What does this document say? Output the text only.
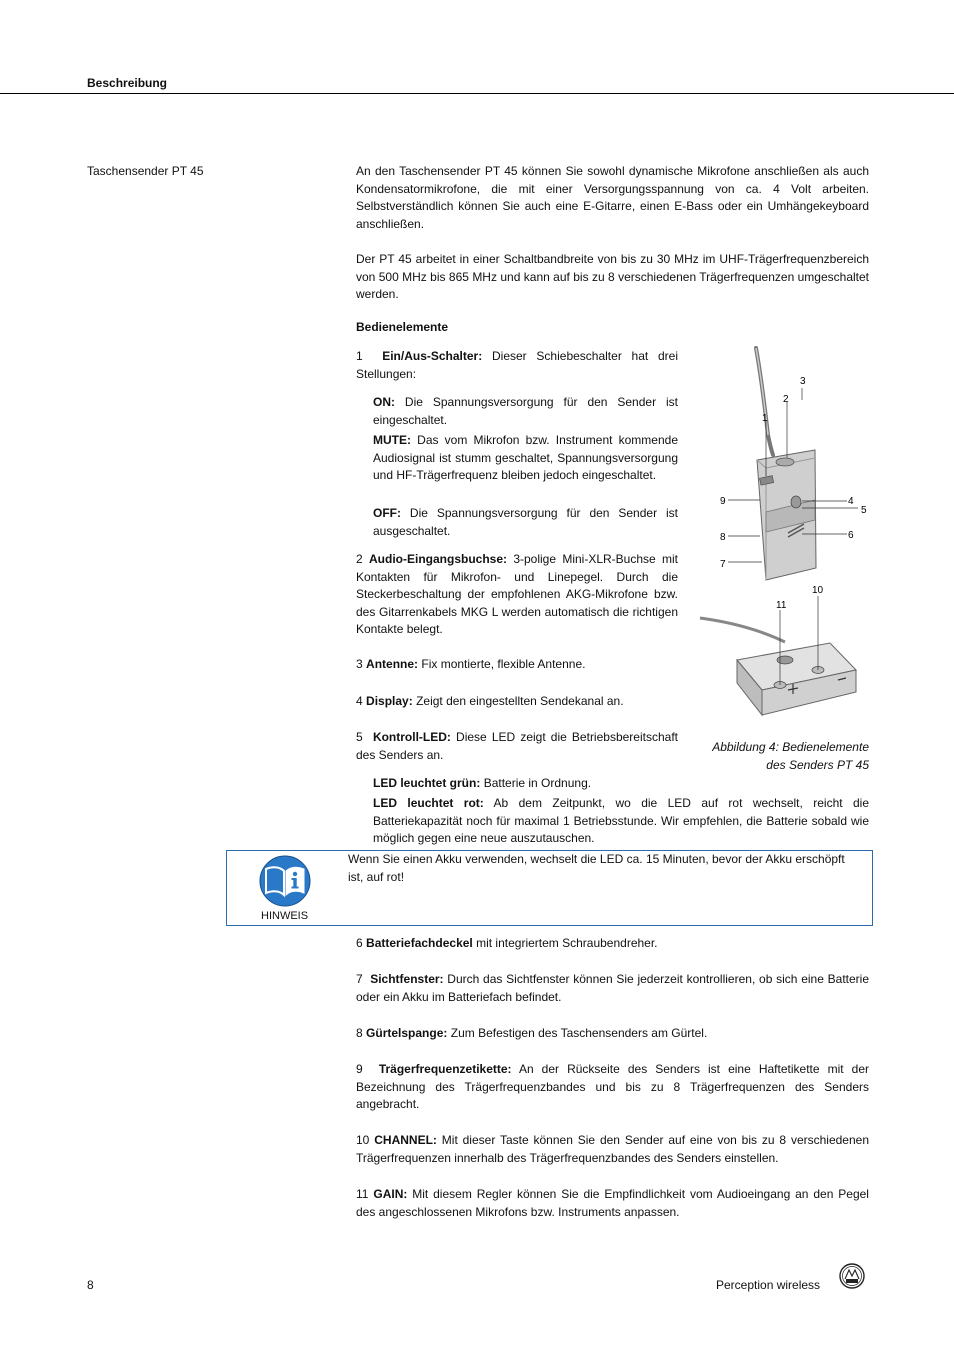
Beschreibung
Taschensender PT 45	An den Taschensender PT 45 können Sie sowohl dynamische Mikrofone anschließen als auch Kondensatormikrofone, die mit einer Versorgungsspannung von ca. 4 Volt arbeiten. Selbstverständlich können Sie auch eine E-Gitarre, einen E-Bass oder ein Umhängekeyboard anschließen.
Der PT 45 arbeitet in einer Schaltbandbreite von bis zu 30 MHz im UHF-Trägerfrequenzbereich von 500 MHz bis 865 MHz und kann auf bis zu 8 verschiedenen Trägerfrequenzen umgeschaltet werden.
Bedienelemente
1 Ein/Aus-Schalter: Dieser Schiebeschalter hat drei Stellungen:
ON: Die Spannungsversorgung für den Sender ist eingeschaltet.
MUTE: Das vom Mikrofon bzw. Instrument kommende Audiosignal ist stumm geschaltet, Spannungsversorgung und HF-Trägerfrequenz bleiben jedoch eingeschaltet.
OFF: Die Spannungsversorgung für den Sender ist ausgeschaltet.
2 Audio-Eingangsbuchse: 3-polige Mini-XLR-Buchse mit Kontakten für Mikrofon- und Linepegel. Durch die Steckerbeschaltung der empfohlenen AKG-Mikrofone bzw. des Gitarrenkabels MKG L werden automatisch die richtigen Kontakte belegt.
3 Antenne: Fix montierte, flexible Antenne.
4 Display: Zeigt den eingestellten Sendekanal an.
5 Kontroll-LED: Diese LED zeigt die Betriebsbereitschaft des Senders an.
LED leuchtet grün: Batterie in Ordnung.
LED leuchtet rot: Ab dem Zeitpunkt, wo die LED auf rot wechselt, reicht die Batteriekapazität noch für maximal 1 Betriebsstunde. Wir empfehlen, die Batterie sobald wie möglich gegen eine neue auszutauschen.
1
2
3
4
5
6
7
8
9
10
11
Abbildung 4: Bedienelemente
des Senders PT 45
HINWEIS
Wenn Sie einen Akku verwenden, wechselt die LED ca. 15 Minuten, bevor der Akku erschöpft ist, auf rot!
6 Batteriefachdeckel mit integriertem Schraubendreher.
7 Sichtfenster: Durch das Sichtfenster können Sie jederzeit kontrollieren, ob sich eine Batterie oder ein Akku im Batteriefach befindet.
8 Gürtelspange: Zum Befestigen des Taschensenders am Gürtel.
9 Trägerfrequenzetikette: An der Rückseite des Senders ist eine Haftetikette mit der Bezeichnung des Trägerfrequenzbandes und bis zu 8 Trägerfrequenzen des Senders angebracht.
10 CHANNEL: Mit dieser Taste können Sie den Sender auf eine von bis zu 8 verschiedenen Trägerfrequenzen innerhalb des Trägerfrequenzbandes des Senders einstellen.
11 GAIN: Mit diesem Regler können Sie die Empfindlichkeit vom Audioeingang an den Pegel des angeschlossenen Mikrofons bzw. Instruments anpassen.
8	Perception wireless
